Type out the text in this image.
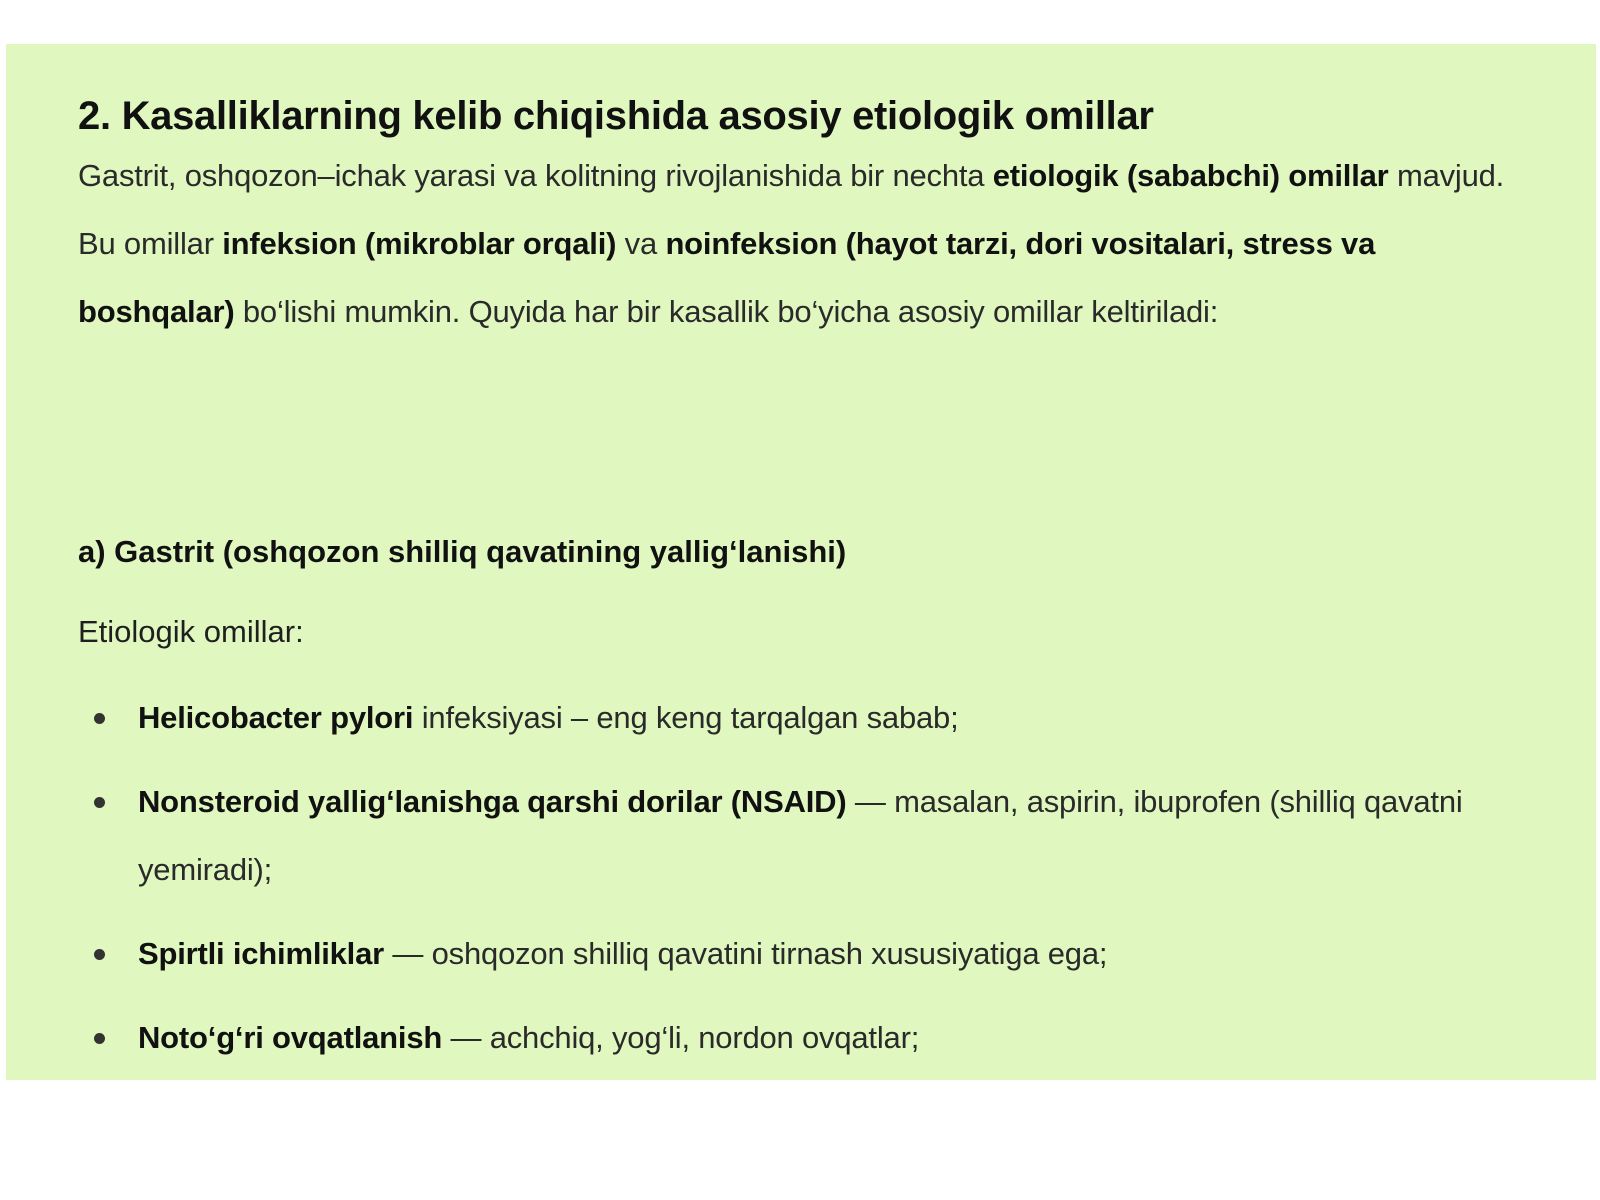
2. Kasalliklarning kelib chiqishida asosiy etiologik omillar

Gastrit, oshqozon–ichak yarasi va kolitning rivojlanishida bir nechta etiologik (sababchi) omillar mavjud. Bu omillar infeksion (mikroblar orqali) va noinfeksion (hayot tarzi, dori vositalari, stress va boshqalar) bo‘lishi mumkin. Quyida har bir kasallik bo‘yicha asosiy omillar keltiriladi:

a) Gastrit (oshqozon shilliq qavatining yallig‘lanishi)

Etiologik omillar:

Helicobacter pylori infeksiyasi – eng keng tarqalgan sabab;
Nonsteroid yallig‘lanishga qarshi dorilar (NSAID) — masalan, aspirin, ibuprofen (shilliq qavatni yemiradi);
Spirtli ichimliklar — oshqozon shilliq qavatini tirnash xususiyatiga ega;
Noto‘g‘ri ovqatlanish — achchiq, yog‘li, nordon ovqatlar;
